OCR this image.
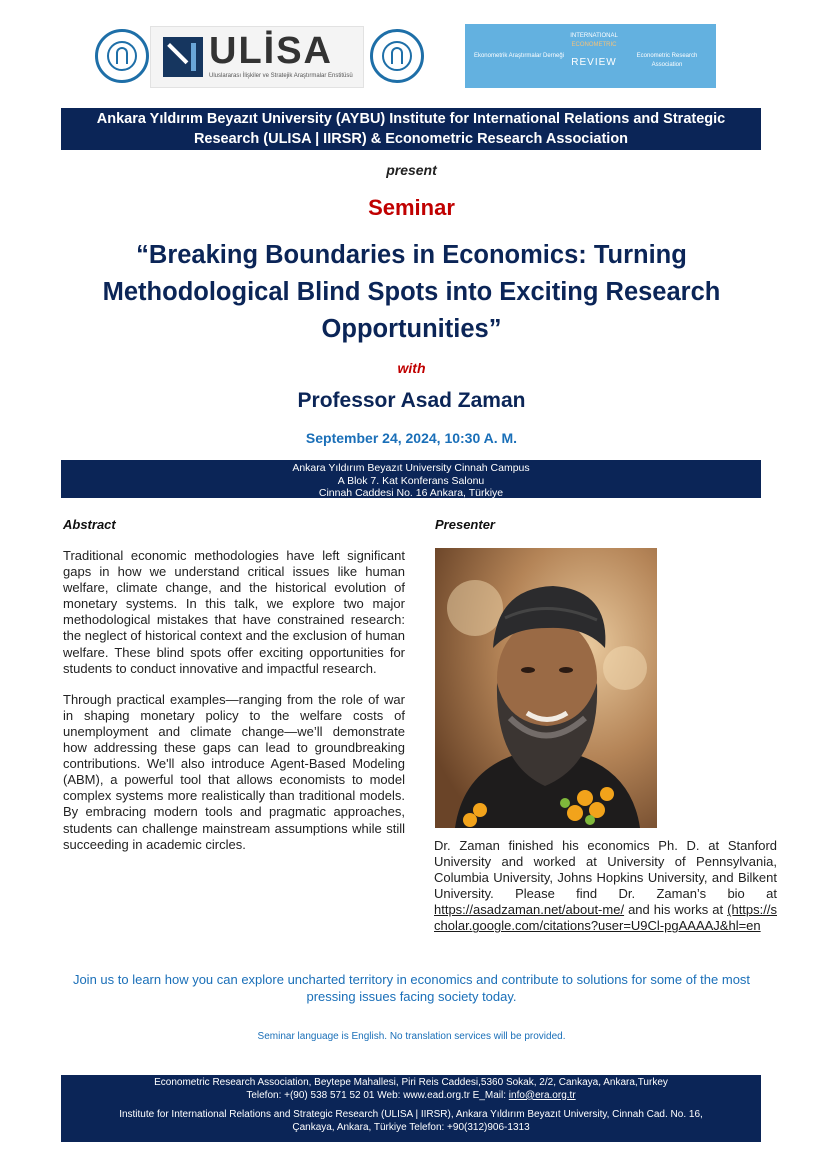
ULİSA
Uluslararası İlişkiler ve Stratejik Araştırmalar Enstitüsü
Ekonometrik Araştırmalar Derneği
INTERNATIONAL
ECONOMETRIC
REVIEW
Econometric Research Association
Ankara Yıldırım Beyazıt University (AYBU) Institute for International Relations and Strategic
Research (ULISA | IIRSR) & Econometric Research Association
present
Seminar
“Breaking Boundaries in Economics: Turning Methodological Blind Spots into Exciting Research Opportunities”
with
Professor Asad Zaman
September 24, 2024, 10:30 A. M.
Ankara Yıldırım Beyazıt University Cinnah Campus
A Blok 7. Kat Konferans Salonu
Cinnah Caddesi No. 16 Ankara, Türkiye
Abstract

Traditional economic methodologies have left significant gaps in how we understand critical issues like human welfare, climate change, and the historical evolution of monetary systems. In this talk, we explore two major methodological mistakes that have constrained research: the neglect of historical context and the exclusion of human welfare. These blind spots offer exciting opportunities for students to conduct innovative and impactful research.

Through practical examples—ranging from the role of war in shaping monetary policy to the welfare costs of unemployment and climate change—we’ll demonstrate how addressing these gaps can lead to groundbreaking contributions. We'll also introduce Agent-Based Modeling (ABM), a powerful tool that allows economists to model complex systems more realistically than traditional models. By embracing modern tools and pragmatic approaches, students can challenge mainstream assumptions while still succeeding in academic circles.

Presenter

Dr. Zaman finished his economics Ph. D. at Stanford University and worked at University of Pennsylvania, Columbia University, Johns Hopkins University, and Bilkent University. Please find Dr. Zaman’s bio at https://asadzaman.net/about-me/ and his works at (https://scholar.google.com/citations?user=U9Cl-pgAAAAJ&hl=en

Join us to learn how you can explore uncharted territory in economics and contribute to solutions for some of the most pressing issues facing society today.
Seminar language is English. No translation services will be provided.
Econometric Research Association, Beytepe Mahallesi, Piri Reis Caddesi,5360 Sokak, 2/2, Cankaya, Ankara,Turkey
Telefon: +(90) 538 571 52 01 Web: www.ead.org.tr E_Mail: info@era.org.tr
Institute for International Relations and Strategic Research (ULISA | IIRSR), Ankara Yıldırım Beyazıt University, Cinnah Cad. No. 16,
Çankaya, Ankara, Türkiye Telefon: +90(312)906-1313
